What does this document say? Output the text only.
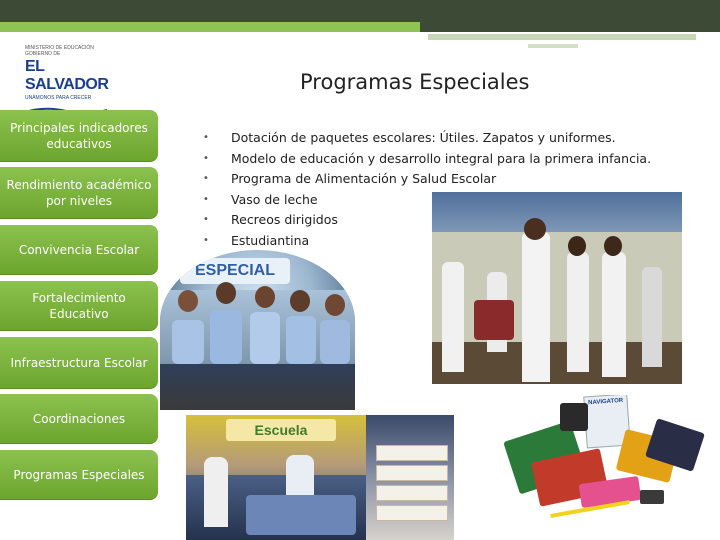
MINISTERIO DE EDUCACIÓN
GOBIERNO DE
EL SALVADOR
UNÁMONOS PARA CRECER
Programas Especiales
Principales indicadores educativos
Rendimiento académico por niveles
Convivencia Escolar
Fortalecimiento Educativo
Infraestructura Escolar
Coordinaciones
Programas Especiales
• Dotación de paquetes escolares: Útiles. Zapatos y uniformes.
• Modelo de educación y desarrollo integral para la primera infancia.
• Programa de Alimentación y Salud Escolar
• Vaso de leche
• Recreos dirigidos
• Estudiantina
ESPECIAL
Escuela
NAVIGATOR
